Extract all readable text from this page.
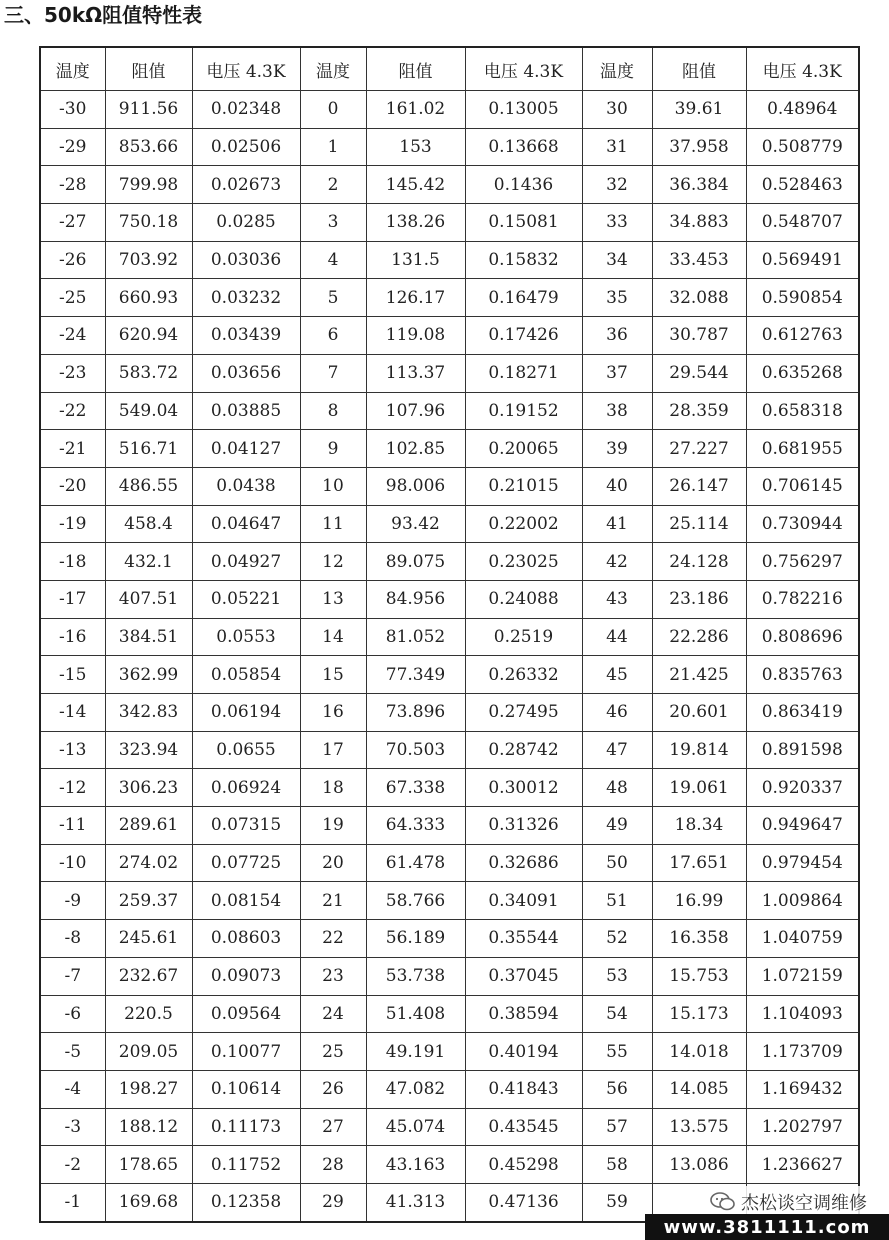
三、50kΩ阻值特性表
温度	阻值	电压 4.3K	温度	阻值	电压 4.3K	温度	阻值	电压 4.3K
-30	911.56	0.02348	0	161.02	0.13005	30	39.61	0.48964
-29	853.66	0.02506	1	153	0.13668	31	37.958	0.508779
-28	799.98	0.02673	2	145.42	0.1436	32	36.384	0.528463
-27	750.18	0.0285	3	138.26	0.15081	33	34.883	0.548707
-26	703.92	0.03036	4	131.5	0.15832	34	33.453	0.569491
-25	660.93	0.03232	5	126.17	0.16479	35	32.088	0.590854
-24	620.94	0.03439	6	119.08	0.17426	36	30.787	0.612763
-23	583.72	0.03656	7	113.37	0.18271	37	29.544	0.635268
-22	549.04	0.03885	8	107.96	0.19152	38	28.359	0.658318
-21	516.71	0.04127	9	102.85	0.20065	39	27.227	0.681955
-20	486.55	0.0438	10	98.006	0.21015	40	26.147	0.706145
-19	458.4	0.04647	11	93.42	0.22002	41	25.114	0.730944
-18	432.1	0.04927	12	89.075	0.23025	42	24.128	0.756297
-17	407.51	0.05221	13	84.956	0.24088	43	23.186	0.782216
-16	384.51	0.0553	14	81.052	0.2519	44	22.286	0.808696
-15	362.99	0.05854	15	77.349	0.26332	45	21.425	0.835763
-14	342.83	0.06194	16	73.896	0.27495	46	20.601	0.863419
-13	323.94	0.0655	17	70.503	0.28742	47	19.814	0.891598
-12	306.23	0.06924	18	67.338	0.30012	48	19.061	0.920337
-11	289.61	0.07315	19	64.333	0.31326	49	18.34	0.949647
-10	274.02	0.07725	20	61.478	0.32686	50	17.651	0.979454
-9	259.37	0.08154	21	58.766	0.34091	51	16.99	1.009864
-8	245.61	0.08603	22	56.189	0.35544	52	16.358	1.040759
-7	232.67	0.09073	23	53.738	0.37045	53	15.753	1.072159
-6	220.5	0.09564	24	51.408	0.38594	54	15.173	1.104093
-5	209.05	0.10077	25	49.191	0.40194	55	14.018	1.173709
-4	198.27	0.10614	26	47.082	0.41843	56	14.085	1.169432
-3	188.12	0.11173	27	45.074	0.43545	57	13.575	1.202797
-2	178.65	0.11752	28	43.163	0.45298	58	13.086	1.236627
-1	169.68	0.12358	29	41.313	0.47136	59			杰松谈空调维修
www.3811111.com
